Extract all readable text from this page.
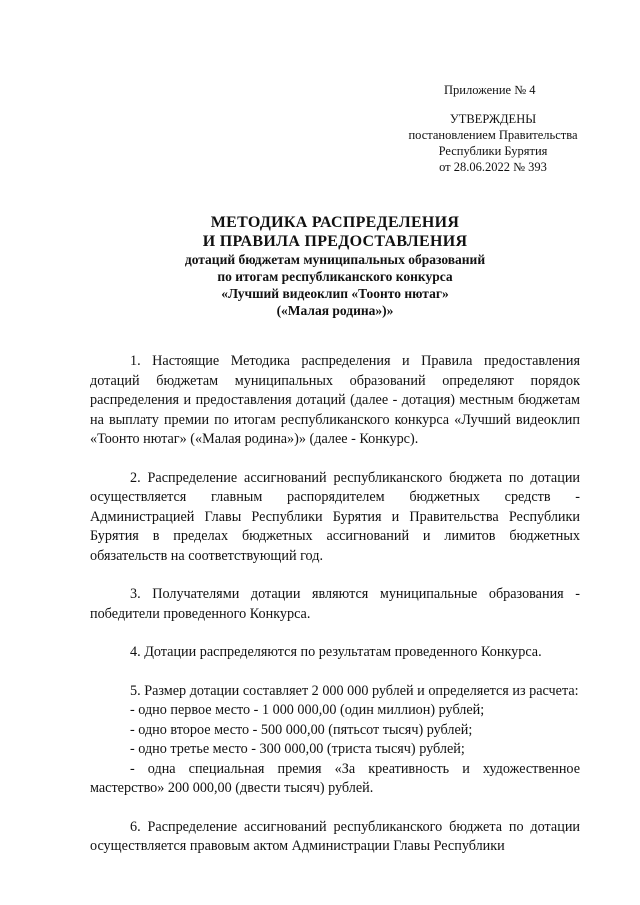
Приложение № 4
УТВЕРЖДЕНЫ
постановлением Правительства
Республики Бурятия
от 28.06.2022 № 393
МЕТОДИКА РАСПРЕДЕЛЕНИЯ
И ПРАВИЛА ПРЕДОСТАВЛЕНИЯ
дотаций бюджетам муниципальных образований
по итогам республиканского конкурса
«Лучший видеоклип «Тоонто нютаг»
(«Малая родина»)»

1. Настоящие Методика распределения и Правила предоставления дотаций бюджетам муниципальных образований определяют порядок распределения и предоставления дотаций (далее - дотация) местным бюджетам на выплату премии по итогам республиканского конкурса «Лучший видеоклип «Тоонто нютаг» («Малая родина»)» (далее - Конкурс).

2. Распределение ассигнований республиканского бюджета по дотации осуществляется главным распорядителем бюджетных средств - Администрацией Главы Республики Бурятия и Правительства Республики Бурятия в пределах бюджетных ассигнований и лимитов бюджетных обязательств на соответствующий год.

3. Получателями дотации являются муниципальные образования - победители проведенного Конкурса.

4. Дотации распределяются по результатам проведенного Конкурса.

5. Размер дотации составляет 2 000 000 рублей и определяется из расчета:

- одно первое место - 1 000 000,00 (один миллион) рублей;
- одно второе место - 500 000,00 (пятьсот тысяч) рублей;
- одно третье место - 300 000,00 (триста тысяч) рублей;
- одна специальная премия «За креативность и художественное мастерство» 200 000,00 (двести тысяч) рублей.

6. Распределение ассигнований республиканского бюджета по дотации осуществляется правовым актом Администрации Главы Республики
